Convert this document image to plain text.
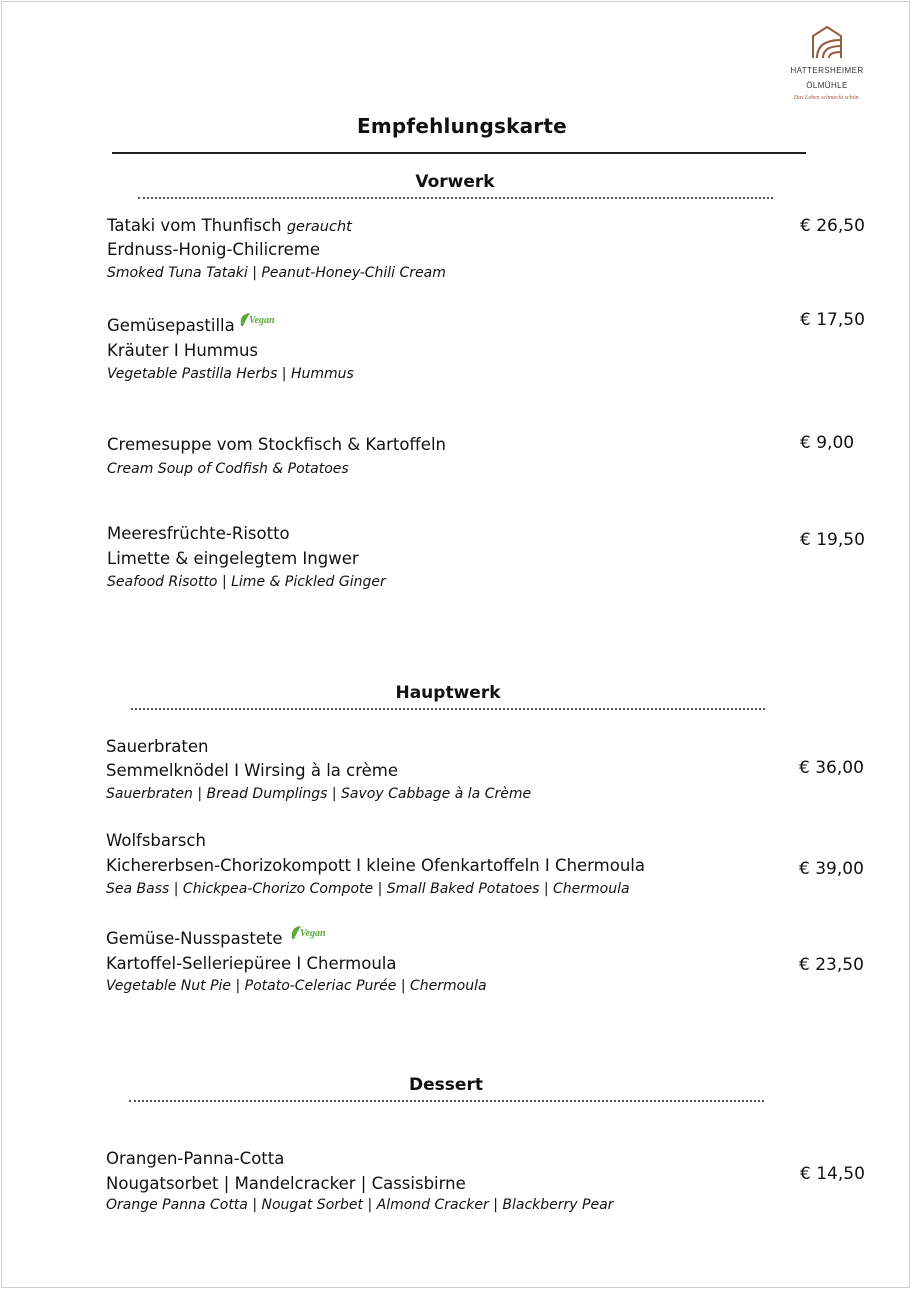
HATTERSHEIMER
ÖLMÜHLE
Das Leben schmeckt schön.
Empfehlungskarte
Vorwerk
Tataki vom Thunfisch geraucht
Erdnuss-Honig-Chilicreme
Smoked Tuna Tataki | Peanut-Honey-Chili Cream
€ 26,50
Gemüsepastilla Vegan
Kräuter I Hummus
Vegetable Pastilla Herbs | Hummus
€ 17,50
Cremesuppe vom Stockfisch & Kartoffeln
Cream Soup of Codfish & Potatoes
€ 9,00
Meeresfrüchte-Risotto
Limette & eingelegtem Ingwer
Seafood Risotto | Lime & Pickled Ginger
€ 19,50
Hauptwerk
Sauerbraten
Semmelknödel I Wirsing à la crème
Sauerbraten | Bread Dumplings | Savoy Cabbage à la Crème
€ 36,00
Wolfsbarsch
Kichererbsen-Chorizokompott I kleine Ofenkartoffeln I Chermoula
Sea Bass | Chickpea-Chorizo Compote | Small Baked Potatoes | Chermoula
€ 39,00
Gemüse-Nusspastete Vegan
Kartoffel-Selleriepüree I Chermoula
Vegetable Nut Pie | Potato-Celeriac Purée | Chermoula
€ 23,50
Dessert
Orangen-Panna-Cotta
Nougatsorbet | Mandelcracker | Cassisbirne
Orange Panna Cotta | Nougat Sorbet | Almond Cracker | Blackberry Pear
€ 14,50
